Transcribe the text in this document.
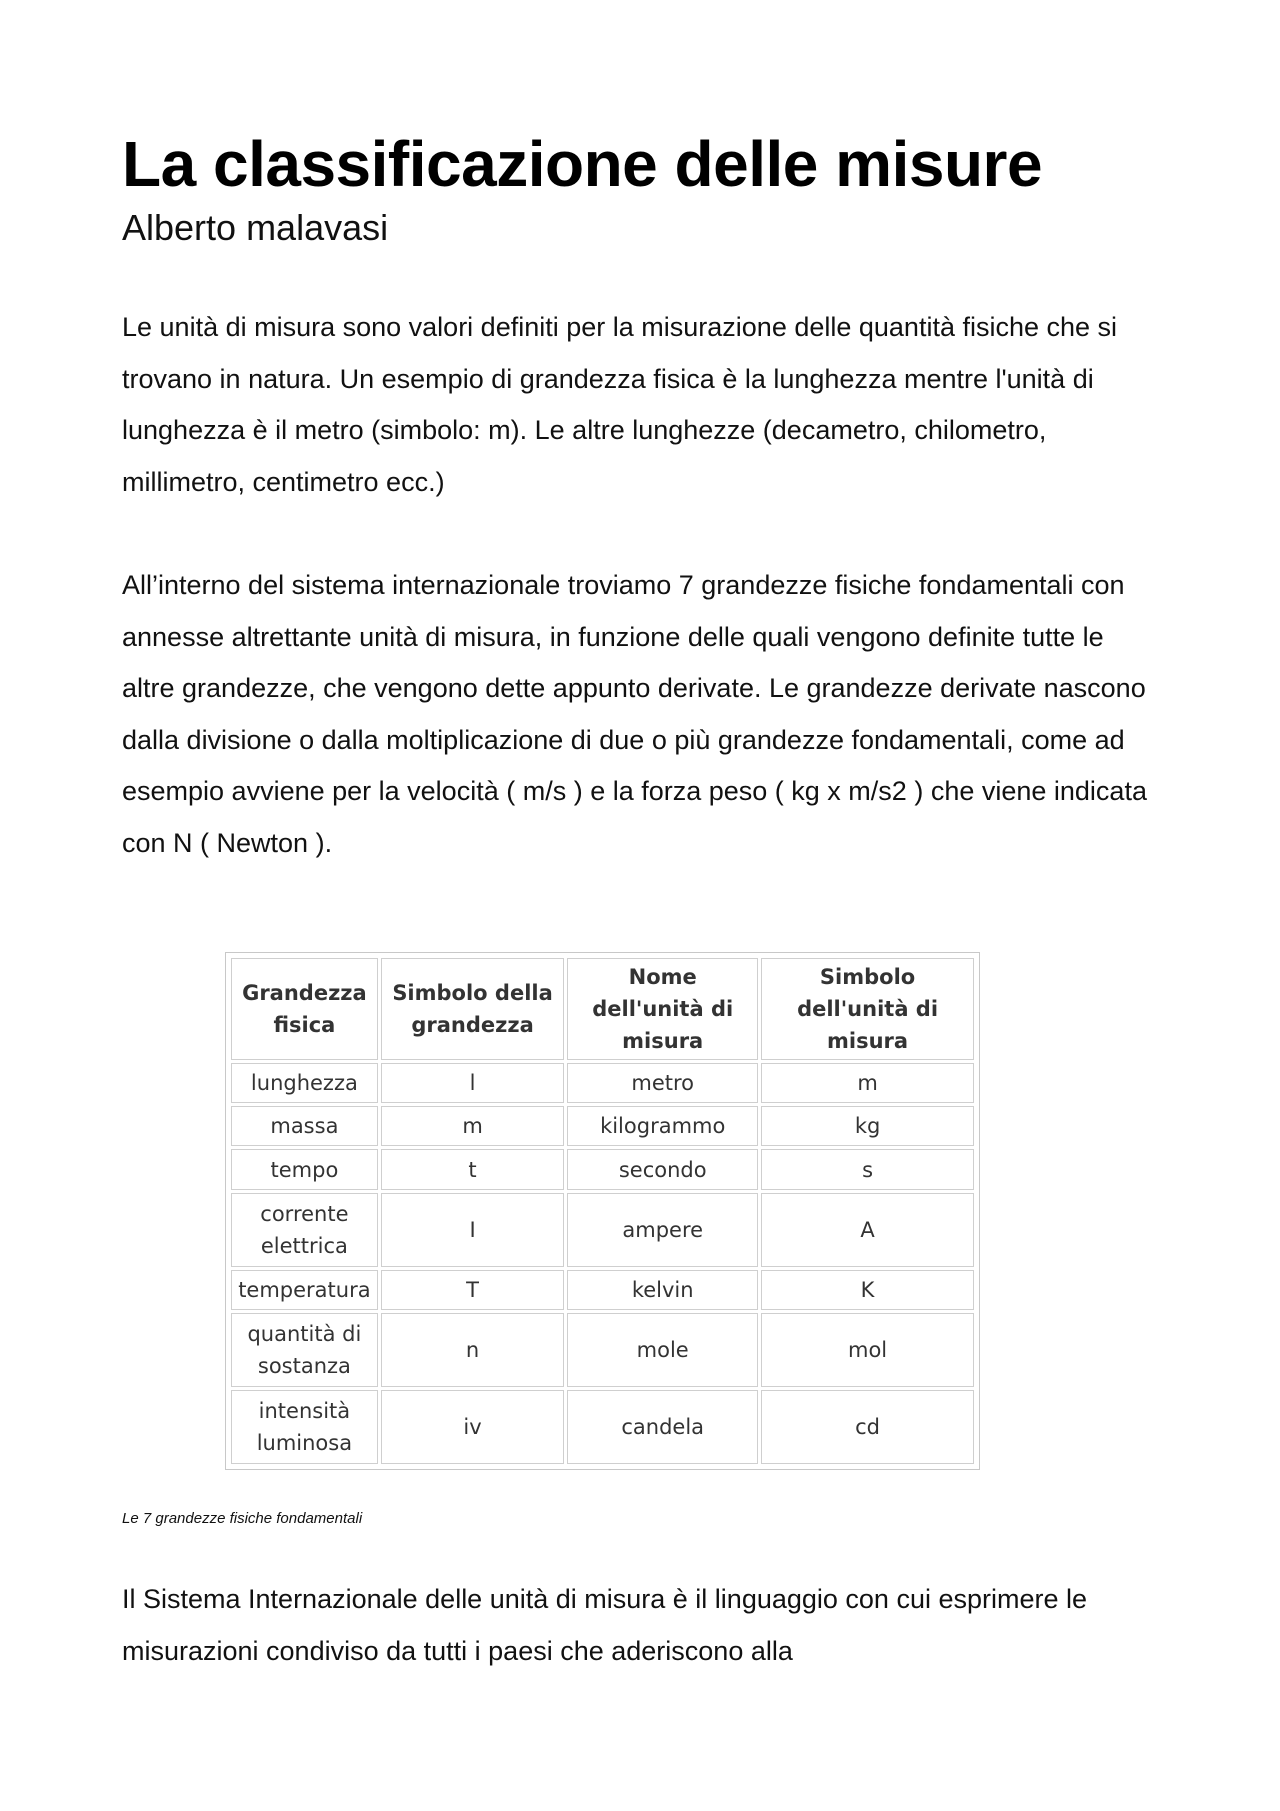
La classificazione delle misure
Alberto malavasi

Le unità di misura sono valori definiti per la misurazione delle quantità fisiche che si trovano in natura. Un esempio di grandezza fisica è la lunghezza mentre l'unità di lunghezza è il metro (simbolo: m). Le altre lunghezze (decametro, chilometro, millimetro, centimetro ecc.)

All’interno del sistema internazionale troviamo 7 grandezze fisiche fondamentali con annesse altrettante unità di misura, in funzione delle quali vengono definite tutte le altre grandezze, che vengono dette appunto derivate. Le grandezze derivate nascono dalla divisione o dalla moltiplicazione di due o più grandezze fondamentali, come ad esempio avviene per la velocità ( m/s ) e la forza peso ( kg x m/s2 ) che viene indicata con N ( Newton ).

Grandezza fisica	Simbolo della grandezza	Nome dell'unità di misura	Simbolo dell'unità di misura
lunghezza	l	metro	m
massa	m	kilogrammo	kg
tempo	t	secondo	s
corrente elettrica	I	ampere	A
temperatura	T	kelvin	K
quantità di sostanza	n	mole	mol
intensità luminosa	iv	candela	cd

Le 7 grandezze fisiche fondamentali

Il Sistema Internazionale delle unità di misura è il linguaggio con cui esprimere le misurazioni condiviso da tutti i paesi che aderiscono alla
